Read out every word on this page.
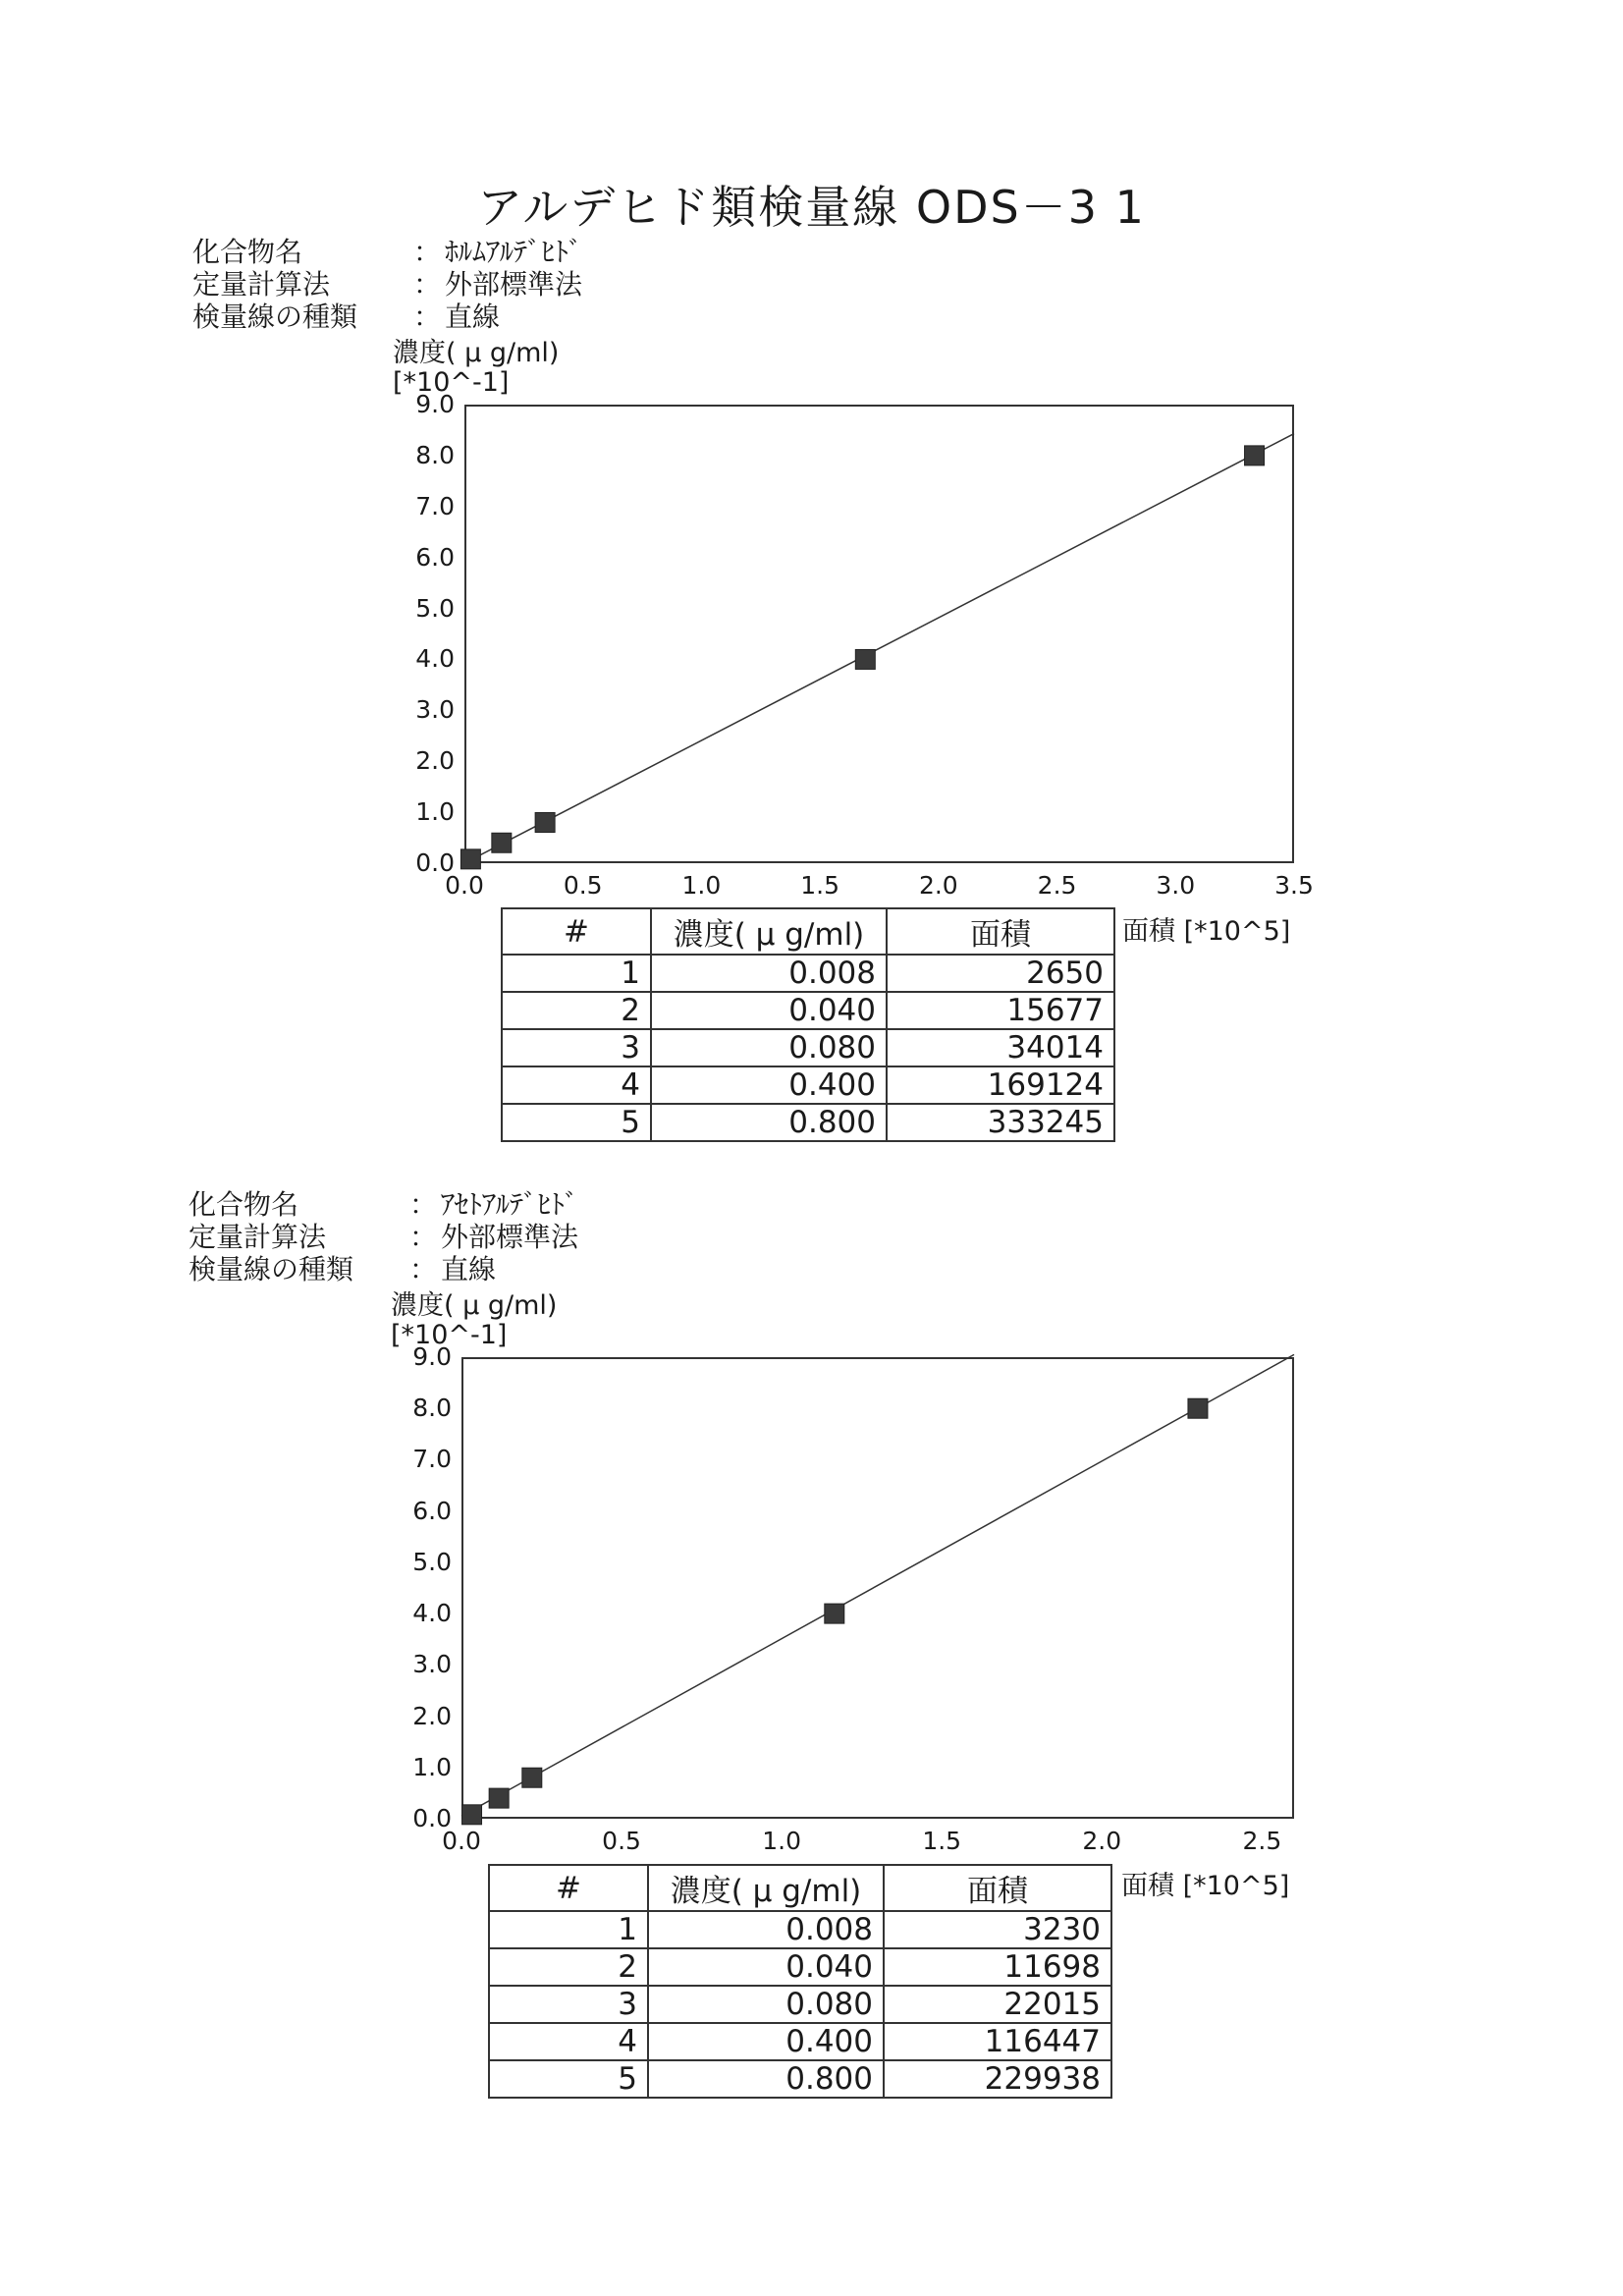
アルデヒド類検量線 ODS－3 1
化合物名	： ﾎﾙﾑｱﾙﾃﾞﾋﾄﾞ
定量計算法	： 外部標準法
検量線の種類	： 直線
濃度( μ g/ml)
[*10^-1]
9.0
8.0
7.0
6.0
5.0
4.0
3.0
2.0
1.0
0.0
0.0	0.5	1.0	1.5	2.0	2.5	3.0	3.5
面積 [*10^5]
#	濃度( μ g/ml)	面積
1	0.008	2650
2	0.040	15677
3	0.080	34014
4	0.400	169124
5	0.800	333245
化合物名	： ｱｾﾄｱﾙﾃﾞﾋﾄﾞ
定量計算法	： 外部標準法
検量線の種類	： 直線
濃度( μ g/ml)
[*10^-1]
9.0
8.0
7.0
6.0
5.0
4.0
3.0
2.0
1.0
0.0
0.0	0.5	1.0	1.5	2.0	2.5
面積 [*10^5]
#	濃度( μ g/ml)	面積
1	0.008	3230
2	0.040	11698
3	0.080	22015
4	0.400	116447
5	0.800	229938
